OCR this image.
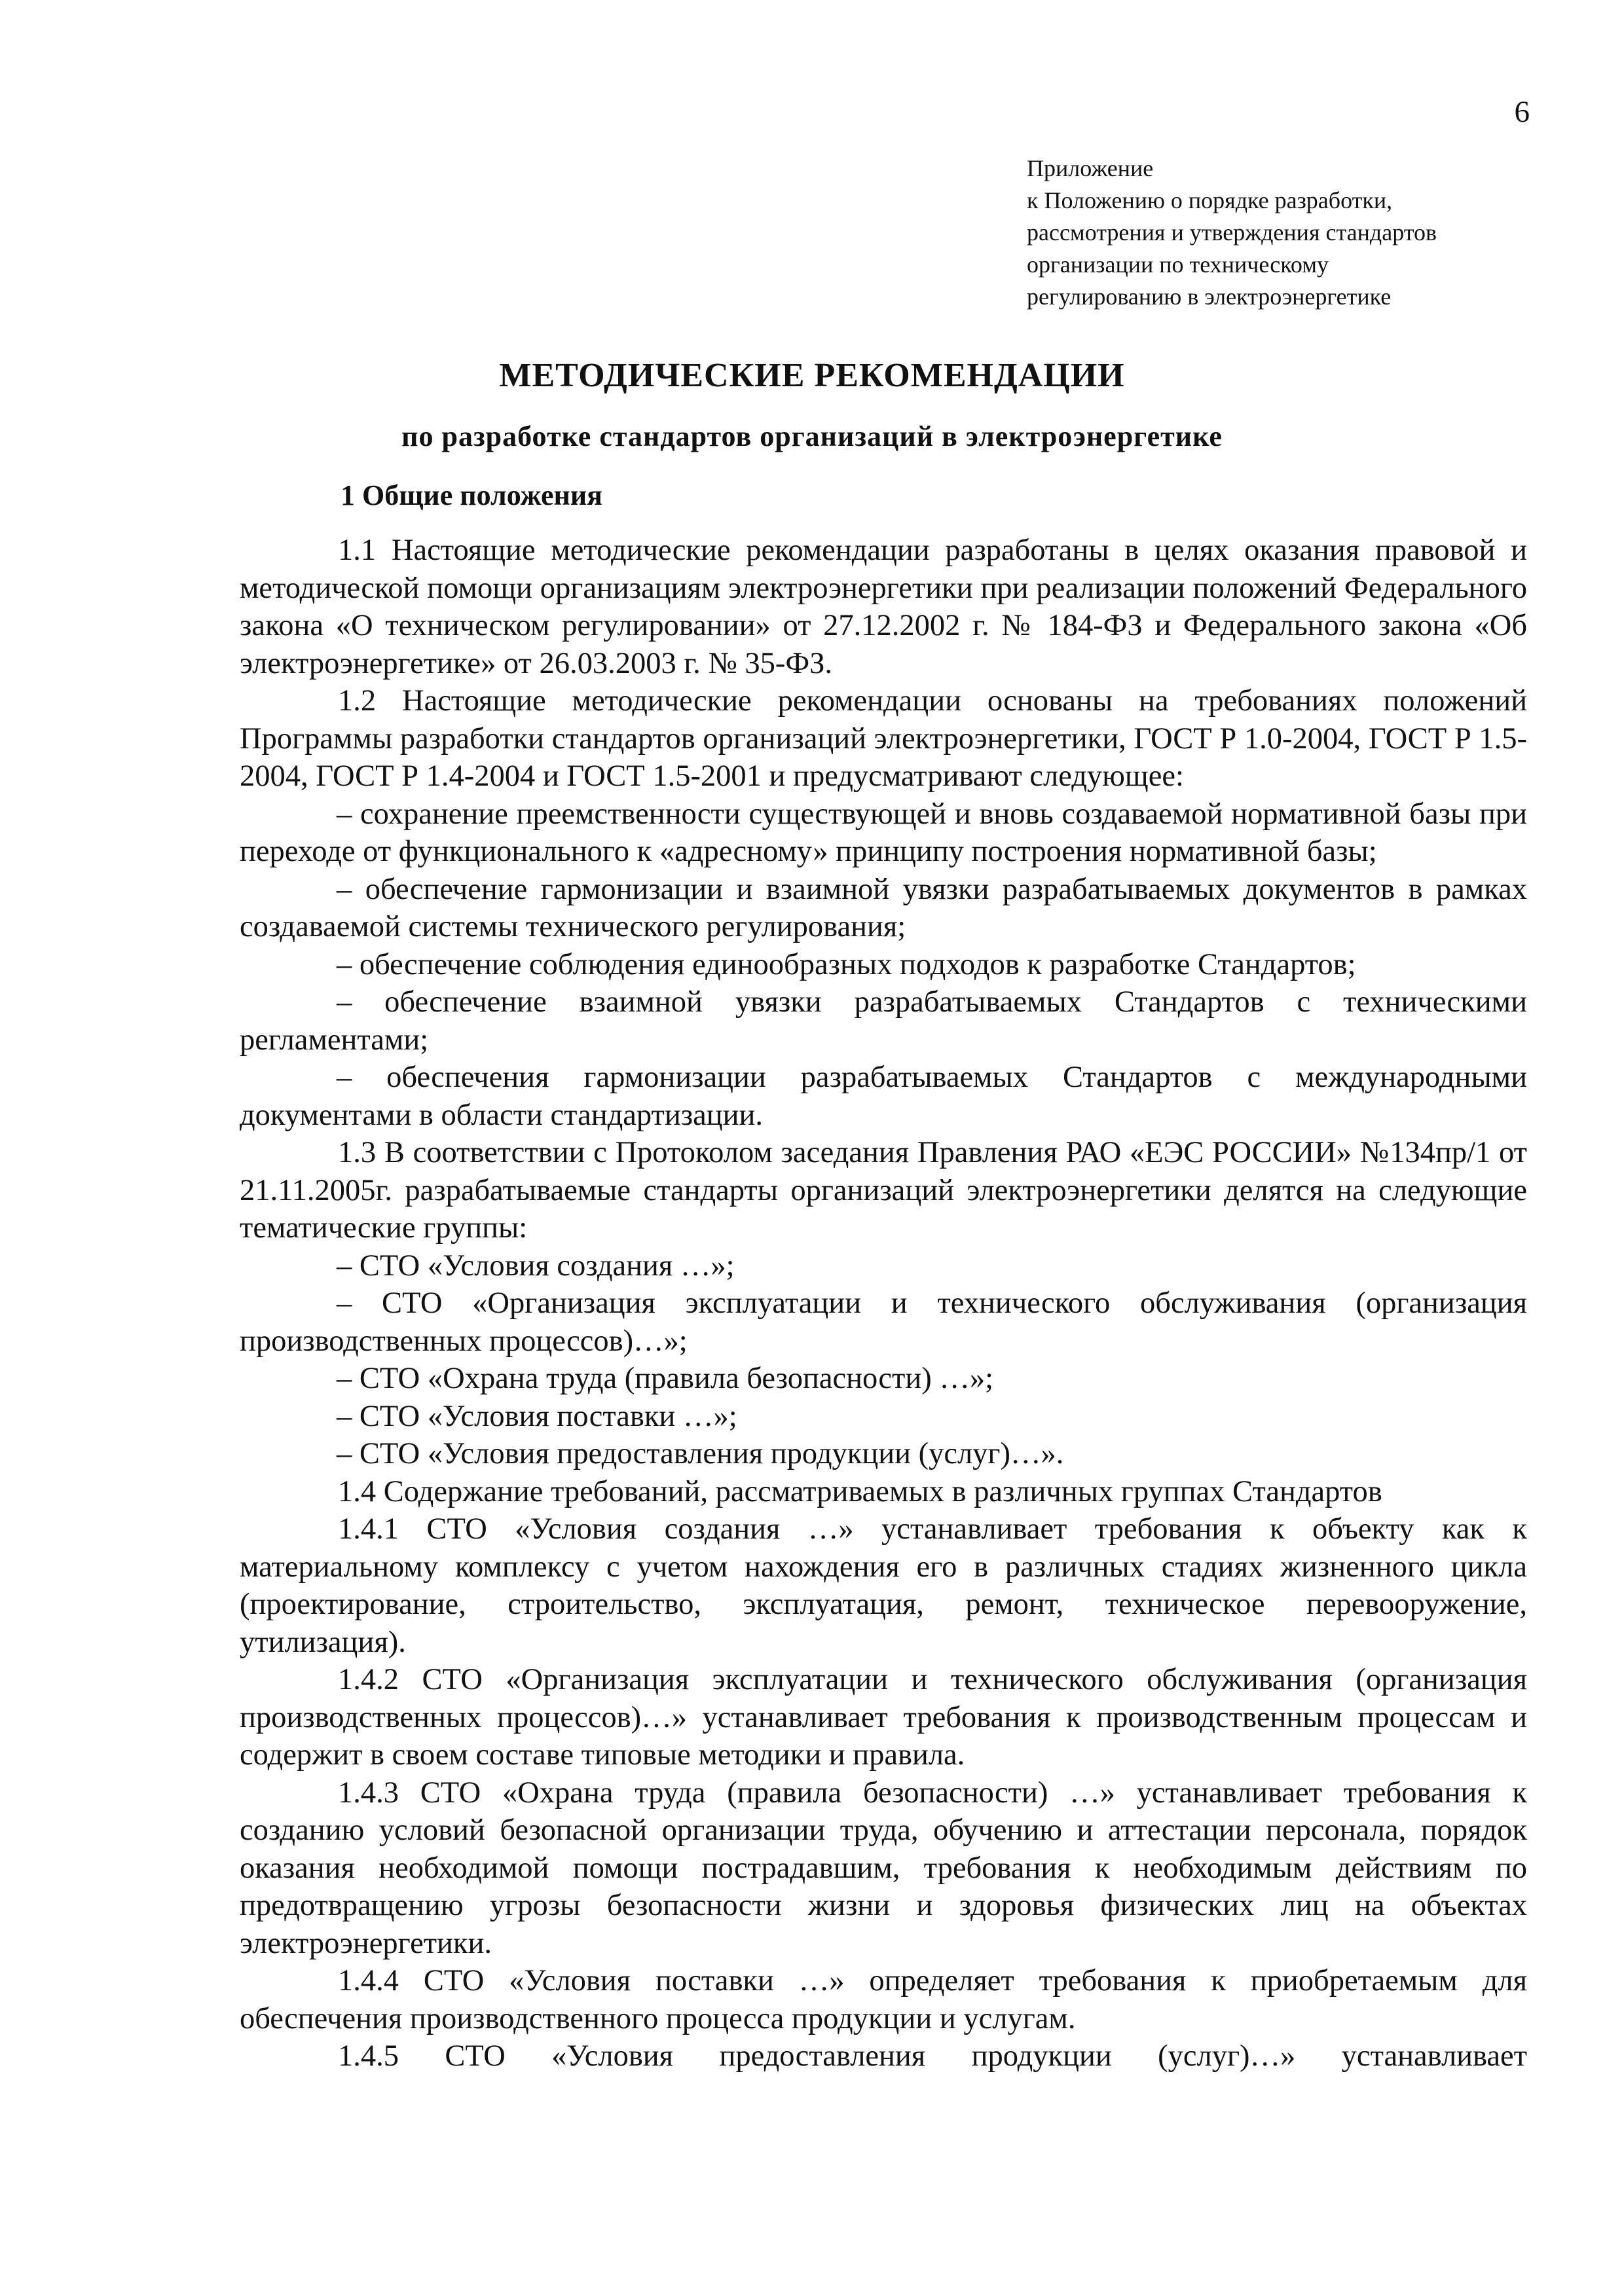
6
Приложение
к Положению о порядке разработки,
рассмотрения и утверждения стандартов
организации по техническому
регулированию в электроэнергетике
МЕТОДИЧЕСКИЕ РЕКОМЕНДАЦИИ
по разработке стандартов организаций в электроэнергетике
1 Общие положения

1.1 Настоящие методические рекомендации разработаны в целях оказания правовой и методической помощи организациям электроэнергетики при реализации положений Федерального закона «О техническом регулировании» от 27.12.2002 г. № 184-ФЗ и Федерального закона «Об электроэнергетике» от 26.03.2003 г. № 35-ФЗ.

1.2 Настоящие методические рекомендации основаны на требованиях положений Программы разработки стандартов организаций электроэнергетики, ГОСТ Р 1.0-2004, ГОСТ Р 1.5-2004, ГОСТ Р 1.4-2004 и ГОСТ 1.5-2001 и предусматривают следующее:

– сохранение преемственности существующей и вновь создаваемой нормативной базы при переходе от функционального к «адресному» принципу построения нормативной базы;

– обеспечение гармонизации и взаимной увязки разрабатываемых документов в рамках создаваемой системы технического регулирования;

– обеспечение соблюдения единообразных подходов к разработке Стандартов;

– обеспечение взаимной увязки разрабатываемых Стандартов с техническими регламентами;

– обеспечения гармонизации разрабатываемых Стандартов с международными документами в области стандартизации.

1.3 В соответствии с Протоколом заседания Правления РАО «ЕЭС РОССИИ» №134пр/1 от 21.11.2005г. разрабатываемые стандарты организаций электроэнергетики делятся на следующие тематические группы:

– СТО «Условия создания …»;

– СТО «Организация эксплуатации и технического обслуживания (организация производственных процессов)…»;

– СТО «Охрана труда (правила безопасности) …»;

– СТО «Условия поставки …»;

– СТО «Условия предоставления продукции (услуг)…».

1.4 Содержание требований, рассматриваемых в различных группах Стандартов

1.4.1 СТО «Условия создания …» устанавливает требования к объекту как к материальному комплексу с учетом нахождения его в различных стадиях жизненного цикла (проектирование, строительство, эксплуатация, ремонт, техническое перевооружение, утилизация).

1.4.2 СТО «Организация эксплуатации и технического обслуживания (организация производственных процессов)…» устанавливает требования к производственным процессам и содержит в своем составе типовые методики и правила.

1.4.3 СТО «Охрана труда (правила безопасности) …» устанавливает требования к созданию условий безопасной организации труда, обучению и аттестации персонала, порядок оказания необходимой помощи пострадавшим, требования к необходимым действиям по предотвращению угрозы безопасности жизни и здоровья физических лиц на объектах электроэнергетики.

1.4.4 СТО «Условия поставки …» определяет требования к приобретаемым для обеспечения производственного процесса продукции и услугам.

1.4.5 СТО «Условия предоставления продукции (услуг)…» устанавливает
